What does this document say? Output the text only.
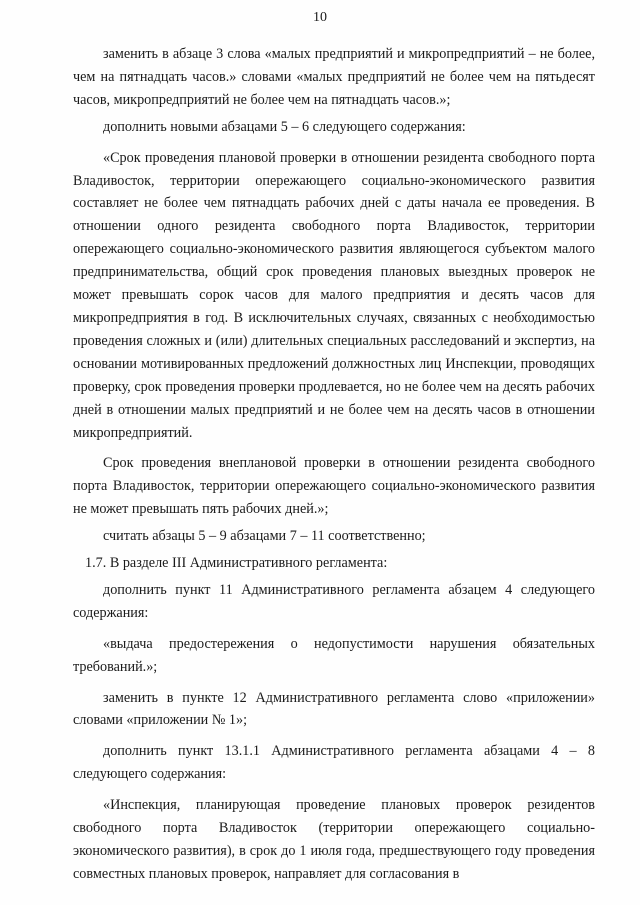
10

заменить в абзаце 3 слова «малых предприятий и микропредприятий – не более, чем на пятнадцать часов.» словами «малых предприятий не более чем на пятьдесят часов, микропредприятий не более чем на пятнадцать часов.»;

дополнить новыми абзацами 5 – 6 следующего содержания:

«Срок проведения плановой проверки в отношении резидента свободного порта Владивосток, территории опережающего социально-экономического развития составляет не более чем пятнадцать рабочих дней с даты начала ее проведения. В отношении одного резидента свободного порта Владивосток, территории опережающего социально-экономического развития являющегося субъектом малого предпринимательства, общий срок проведения плановых выездных проверок не может превышать сорок часов для малого предприятия и десять часов для микропредприятия в год. В исключительных случаях, связанных с необходимостью проведения сложных и (или) длительных специальных расследований и экспертиз, на основании мотивированных предложений должностных лиц Инспекции, проводящих проверку, срок проведения проверки продлевается, но не более чем на десять рабочих дней в отношении малых предприятий и не более чем на десять часов в отношении микропредприятий.

Срок проведения внеплановой проверки в отношении резидента свободного порта Владивосток, территории опережающего социально-экономического развития не может превышать пять рабочих дней.»;

считать абзацы 5 – 9 абзацами 7 – 11 соответственно;

1.7. В разделе III Административного регламента:

дополнить пункт 11 Административного регламента абзацем 4 следующего содержания:

«выдача предостережения о недопустимости нарушения обязательных требований.»;

заменить в пункте 12 Административного регламента слово «приложении» словами «приложении № 1»;

дополнить пункт 13.1.1 Административного регламента абзацами 4 – 8 следующего содержания:

«Инспекция, планирующая проведение плановых проверок резидентов свободного порта Владивосток (территории опережающего социально-экономического развития), в срок до 1 июля года, предшествующего году проведения совместных плановых проверок, направляет для согласования в
